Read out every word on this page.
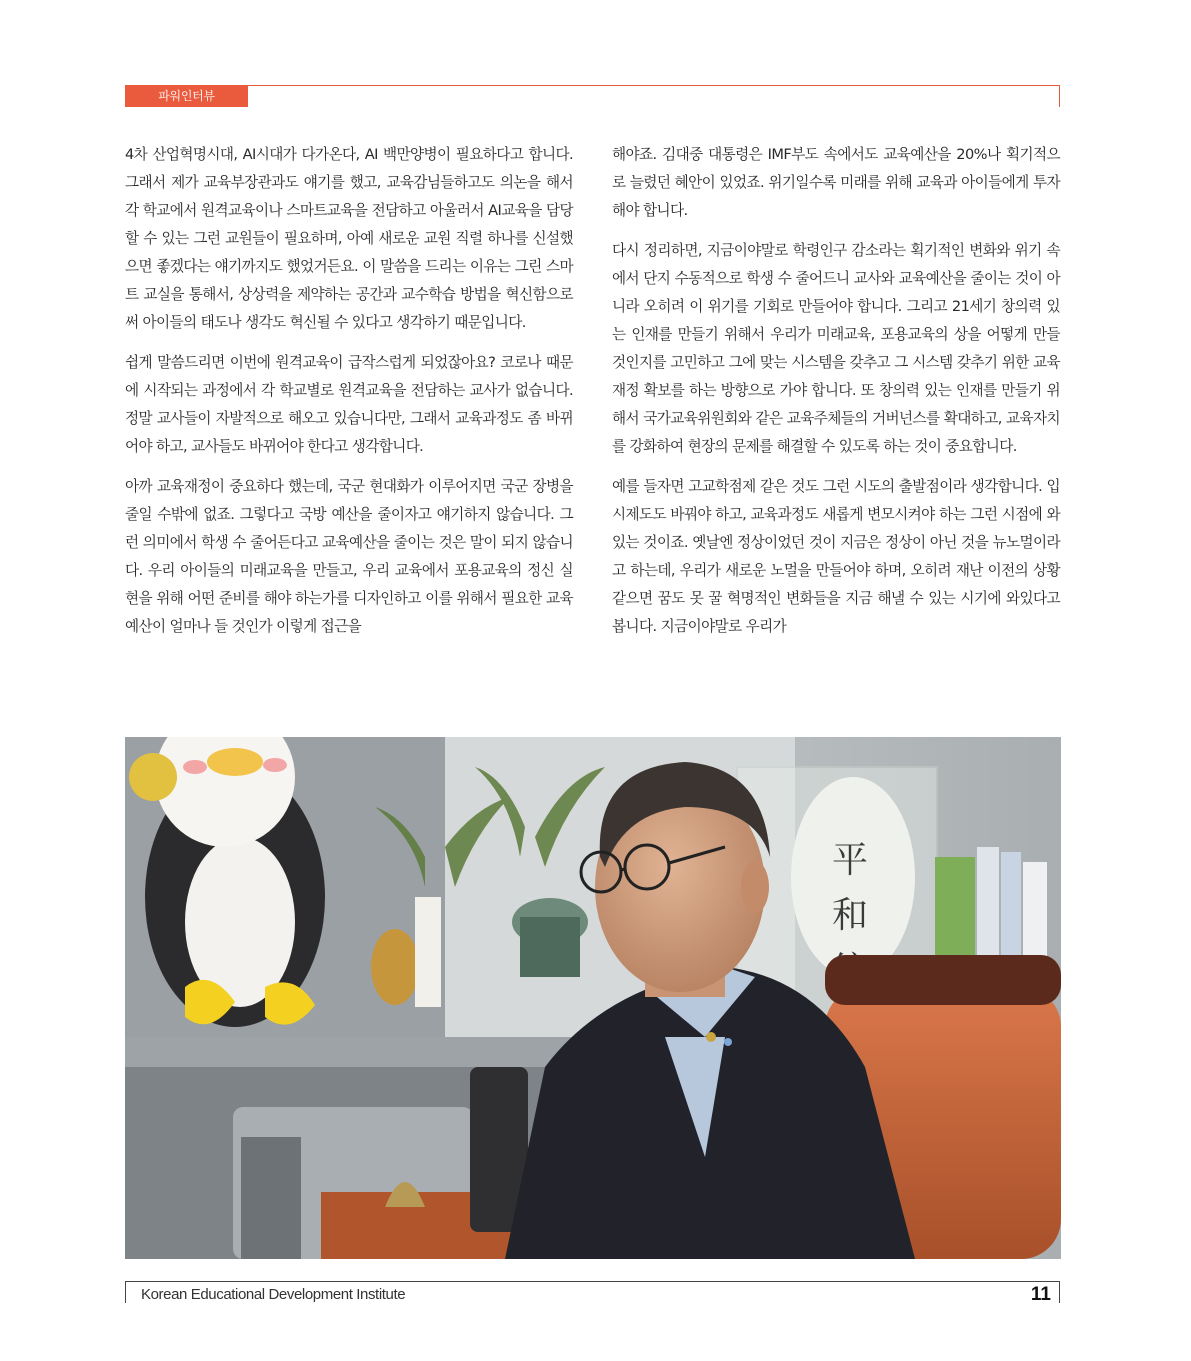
파워인터뷰

4차 산업혁명시대, AI시대가 다가온다, AI 백만양병이 필요하다고 합니다. 그래서 제가 교육부장관과도 얘기를 했고, 교육감님들하고도 의논을 해서 각 학교에서 원격교육이나 스마트교육을 전담하고 아울러서 AI교육을 담당할 수 있는 그런 교원들이 필요하며, 아예 새로운 교원 직렬 하나를 신설했으면 좋겠다는 얘기까지도 했었거든요. 이 말씀을 드리는 이유는 그린 스마트 교실을 통해서, 상상력을 제약하는 공간과 교수학습 방법을 혁신함으로써 아이들의 태도나 생각도 혁신될 수 있다고 생각하기 때문입니다.

쉽게 말씀드리면 이번에 원격교육이 급작스럽게 되었잖아요? 코로나 때문에 시작되는 과정에서 각 학교별로 원격교육을 전담하는 교사가 없습니다. 정말 교사들이 자발적으로 해오고 있습니다만, 그래서 교육과정도 좀 바뀌어야 하고, 교사들도 바뀌어야 한다고 생각합니다.

아까 교육재정이 중요하다 했는데, 국군 현대화가 이루어지면 국군 장병을 줄일 수밖에 없죠. 그렇다고 국방 예산을 줄이자고 얘기하지 않습니다. 그런 의미에서 학생 수 줄어든다고 교육예산을 줄이는 것은 말이 되지 않습니다. 우리 아이들의 미래교육을 만들고, 우리 교육에서 포용교육의 정신 실현을 위해 어떤 준비를 해야 하는가를 디자인하고 이를 위해서 필요한 교육예산이 얼마나 들 것인가 이렇게 접근을

해야죠. 김대중 대통령은 IMF부도 속에서도 교육예산을 20%나 획기적으로 늘렸던 혜안이 있었죠. 위기일수록 미래를 위해 교육과 아이들에게 투자해야 합니다.

다시 정리하면, 지금이야말로 학령인구 감소라는 획기적인 변화와 위기 속에서 단지 수동적으로 학생 수 줄어드니 교사와 교육예산을 줄이는 것이 아니라 오히려 이 위기를 기회로 만들어야 합니다. 그리고 21세기 창의력 있는 인재를 만들기 위해서 우리가 미래교육, 포용교육의 상을 어떻게 만들 것인지를 고민하고 그에 맞는 시스템을 갖추고 그 시스템 갖추기 위한 교육재정 확보를 하는 방향으로 가야 합니다. 또 창의력 있는 인재를 만들기 위해서 국가교육위원회와 같은 교육주체들의 거버넌스를 확대하고, 교육자치를 강화하여 현장의 문제를 해결할 수 있도록 하는 것이 중요합니다.

예를 들자면 고교학점제 같은 것도 그런 시도의 출발점이라 생각합니다. 입시제도도 바꿔야 하고, 교육과정도 새롭게 변모시켜야 하는 그런 시점에 와있는 것이죠. 옛날엔 정상이었던 것이 지금은 정상이 아닌 것을 뉴노멀이라고 하는데, 우리가 새로운 노멀을 만들어야 하며, 오히려 재난 이전의 상황 같으면 꿈도 못 꿀 혁명적인 변화들을 지금 해낼 수 있는 시기에 와있다고 봅니다. 지금이야말로 우리가

平
和
Korean Educational Development Institute	11
